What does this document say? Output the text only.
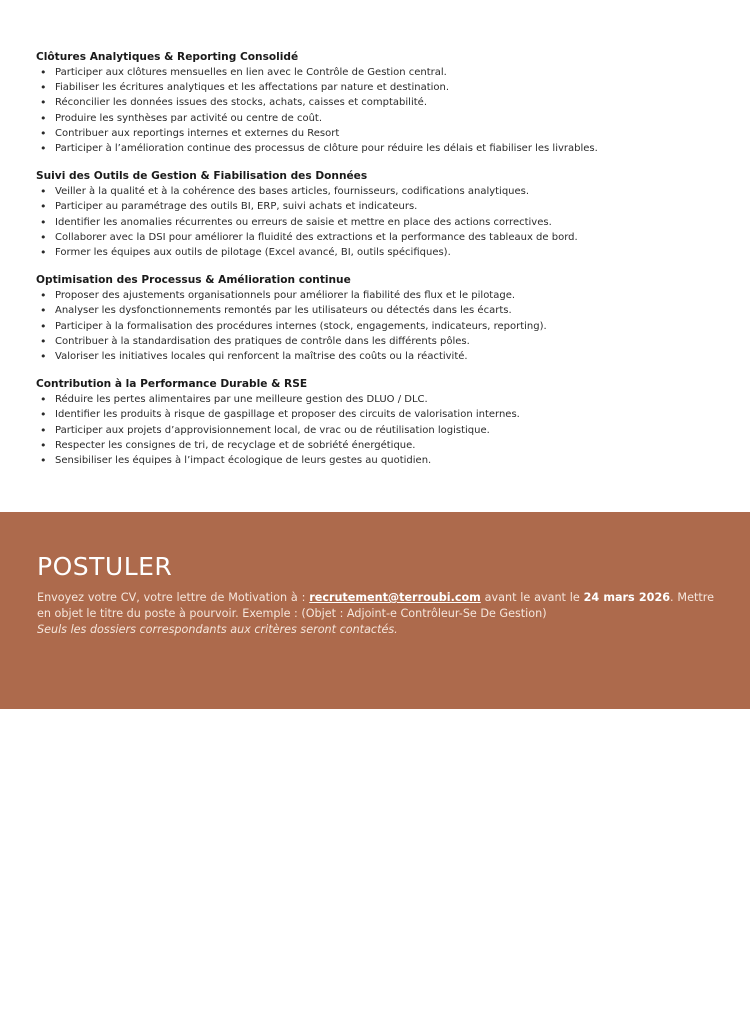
Clôtures Analytiques & Reporting Consolidé

• Participer aux clôtures mensuelles en lien avec le Contrôle de Gestion central.
• Fiabiliser les écritures analytiques et les affectations par nature et destination.
• Réconcilier les données issues des stocks, achats, caisses et comptabilité.
• Produire les synthèses par activité ou centre de coût.
• Contribuer aux reportings internes et externes du Resort
• Participer à l’amélioration continue des processus de clôture pour réduire les délais et fiabiliser les livrables.

Suivi des Outils de Gestion & Fiabilisation des Données

• Veiller à la qualité et à la cohérence des bases articles, fournisseurs, codifications analytiques.
• Participer au paramétrage des outils BI, ERP, suivi achats et indicateurs.
• Identifier les anomalies récurrentes ou erreurs de saisie et mettre en place des actions correctives.
• Collaborer avec la DSI pour améliorer la fluidité des extractions et la performance des tableaux de bord.
• Former les équipes aux outils de pilotage (Excel avancé, BI, outils spécifiques).

Optimisation des Processus & Amélioration continue

• Proposer des ajustements organisationnels pour améliorer la fiabilité des flux et le pilotage.
• Analyser les dysfonctionnements remontés par les utilisateurs ou détectés dans les écarts.
• Participer à la formalisation des procédures internes (stock, engagements, indicateurs, reporting).
• Contribuer à la standardisation des pratiques de contrôle dans les différents pôles.
• Valoriser les initiatives locales qui renforcent la maîtrise des coûts ou la réactivité.

Contribution à la Performance Durable & RSE

• Réduire les pertes alimentaires par une meilleure gestion des DLUO / DLC.
• Identifier les produits à risque de gaspillage et proposer des circuits de valorisation internes.
• Participer aux projets d’approvisionnement local, de vrac ou de réutilisation logistique.
• Respecter les consignes de tri, de recyclage et de sobriété énergétique.
• Sensibiliser les équipes à l’impact écologique de leurs gestes au quotidien.
POSTULER
Envoyez votre CV, votre lettre de Motivation à : recrutement@terroubi.com avant le avant le 24 mars 2026. Mettre en objet le titre du poste à pourvoir. Exemple : (Objet : Adjoint-e Contrôleur-Se De Gestion)
Seuls les dossiers correspondants aux critères seront contactés.
